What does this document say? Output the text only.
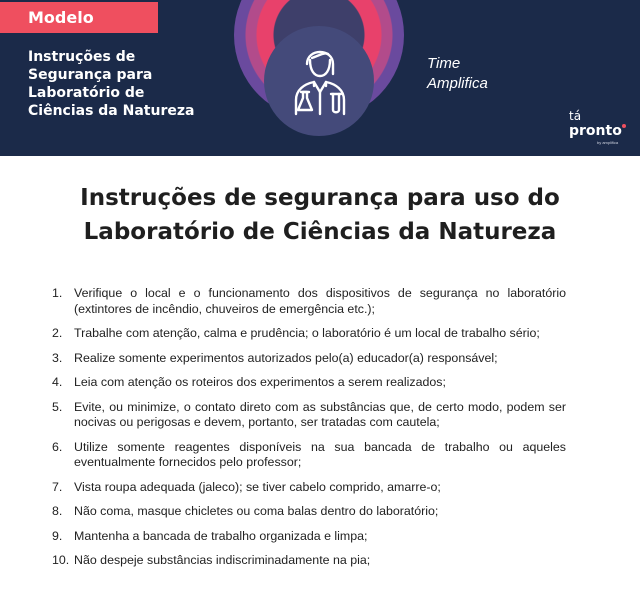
Modelo
Instruções de
Segurança para
Laboratório de
Ciências da Natureza
Time
Amplifica
tá
pronto
by amplifica
Instruções de segurança para uso do
Laboratório de Ciências da Natureza
1. Verifique o local e o funcionamento dos dispositivos de segurança no laboratório (extintores de incêndio, chuveiros de emergência etc.);
2. Trabalhe com atenção, calma e prudência; o laboratório é um local de trabalho sério;
3. Realize somente experimentos autorizados pelo(a) educador(a) responsável;
4. Leia com atenção os roteiros dos experimentos a serem realizados;
5. Evite, ou minimize, o contato direto com as substâncias que, de certo modo, podem ser nocivas ou perigosas e devem, portanto, ser tratadas com cautela;
6. Utilize somente reagentes disponíveis na sua bancada de trabalho ou aqueles eventualmente fornecidos pelo professor;
7. Vista roupa adequada (jaleco); se tiver cabelo comprido, amarre-o;
8. Não coma, masque chicletes ou coma balas dentro do laboratório;
9. Mantenha a bancada de trabalho organizada e limpa;
10. Não despeje substâncias indiscriminadamente na pia;
